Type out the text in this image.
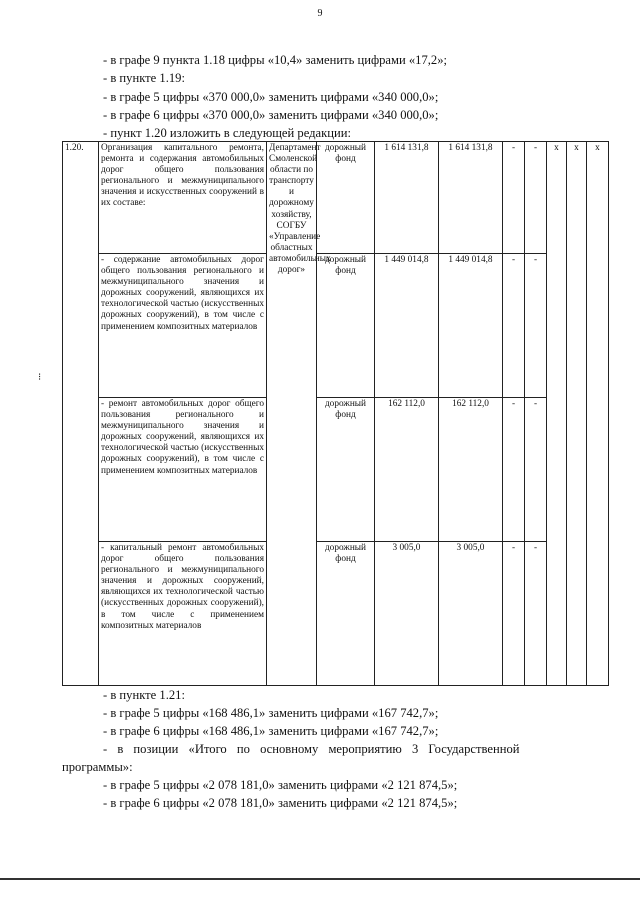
9
- в графе 9 пункта 1.18 цифры «10,4» заменить цифрами «17,2»;
- в пункте 1.19:
- в графе 5 цифры «370 000,0» заменить цифрами «340 000,0»;
- в графе 6 цифры «370 000,0» заменить цифрами «340 000,0»;
- пункт 1.20 изложить в следующей редакции:
⁝
1.20.	Организация капитального ремонта, ремонта и содержания автомобильных дорог общего пользования регионального и межмуниципального значения и искусственных сооружений в их составе:	Департамент Смоленской области по транспорту и дорожному хозяйству, СОГБУ «Управление областных автомобильных дорог»	дорожный фонд	1 614 131,8	1 614 131,8	-	-	x	x	x
	- содержание автомобильных дорог общего пользования регионального и межмуниципального значения и дорожных сооружений, являющихся их технологической частью (искусственных дорожных сооружений), в том числе с применением композитных материалов		дорожный фонд	1 449 014,8	1 449 014,8	-	-			
	- ремонт автомобильных дорог общего пользования регионального и межмуниципального значения и дорожных сооружений, являющихся их технологической частью (искусственных дорожных сооружений), в том числе с применением композитных материалов		дорожный фонд	162 112,0	162 112,0	-	-			
	- капитальный ремонт автомобильных дорог общего пользования регионального и межмуниципального значения и дорожных сооружений, являющихся их технологической частью (искусственных дорожных сооружений), в том числе с применением композитных материалов		дорожный фонд	3 005,0	3 005,0	-	-			
- в пункте 1.21:
- в графе 5 цифры «168 486,1» заменить цифрами «167 742,7»;
- в графе 6 цифры «168 486,1» заменить цифрами «167 742,7»;
- в позиции «Итого по основному мероприятию 3 Государственной
программы»:
- в графе 5 цифры «2 078 181,0» заменить цифрами «2 121 874,5»;
- в графе 6 цифры «2 078 181,0» заменить цифрами «2 121 874,5»;
